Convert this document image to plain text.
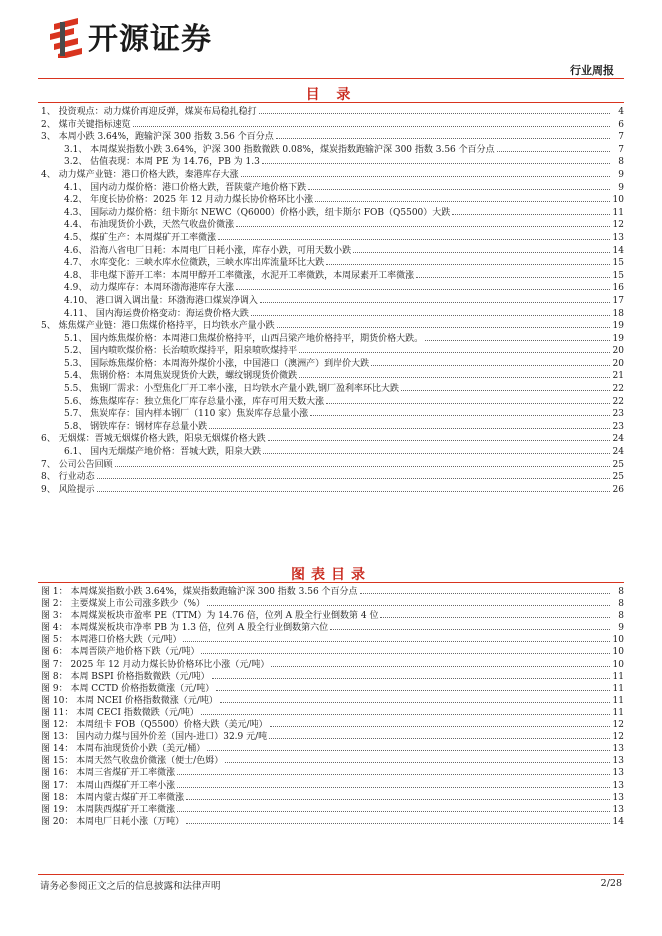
开源证券
行业周报
目 录
1、 投资观点：动力煤价再迎反弹，煤炭布局稳扎稳打	4
2、 煤市关键指标速览	6
3、 本周小跌 3.64%，跑输沪深 300 指数 3.56 个百分点	7
3.1、 本周煤炭指数小跌 3.64%，沪深 300 指数微跌 0.08%，煤炭指数跑输沪深 300 指数 3.56 个百分点	7
3.2、 估值表现：本周 PE 为 14.76，PB 为 1.3	8
4、 动力煤产业链：港口价格大跌，秦港库存大涨	9
4.1、 国内动力煤价格：港口价格大跌，晋陕蒙产地价格下跌	9
4.2、 年度长协价格：2025 年 12 月动力煤长协价格环比小涨	10
4.3、 国际动力煤价格：纽卡斯尔 NEWC（Q6000）价格小跌，纽卡斯尔 FOB（Q5500）大跌	11
4.4、 布油现货价小跌，天然气收盘价微涨	12
4.5、 煤矿生产：本周煤矿开工率微涨	13
4.6、 沿海八省电厂日耗：本周电厂日耗小涨，库存小跌，可用天数小跌	14
4.7、 水库变化：三峡水库水位微跌，三峡水库出库流量环比大跌	15
4.8、 非电煤下游开工率：本周甲醇开工率微涨，水泥开工率微跌，本周尿素开工率微涨	15
4.9、 动力煤库存：本周环渤海港库存大涨	16
4.10、 港口调入调出量：环渤海港口煤炭净调入	17
4.11、 国内海运费价格变动：海运费价格大跌	18
5、 炼焦煤产业链：港口焦煤价格持平，日均铁水产量小跌	19
5.1、 国内炼焦煤价格：本周港口焦煤价格持平，山西吕梁产地价格持平，期货价格大跌。	19
5.2、 国内喷吹煤价格：长治喷吹煤持平，阳泉喷吹煤持平	20
5.3、 国际炼焦煤价格：本周海外煤价小涨，中国港口（澳洲产）到岸价大跌	20
5.4、 焦钢价格：本周焦炭现货价大跌，螺纹钢现货价微跌	21
5.5、 焦钢厂需求：小型焦化厂开工率小涨，日均铁水产量小跌,钢厂盈利率环比大跌	22
5.6、 炼焦煤库存：独立焦化厂库存总量小涨，库存可用天数大涨	22
5.7、 焦炭库存：国内样本钢厂（110 家）焦炭库存总量小涨	23
5.8、 钢铁库存：钢材库存总量小跌	23
6、 无烟煤：晋城无烟煤价格大跌，阳泉无烟煤价格大跌	24
6.1、 国内无烟煤产地价格：晋城大跌，阳泉大跌	24
7、 公司公告回顾	25
8、 行业动态	25
9、 风险提示	26
图表目录
图 1： 本周煤炭指数小跌 3.64%，煤炭指数跑输沪深 300 指数 3.56 个百分点	8
图 2： 主要煤炭上市公司涨多跌少（%）	8
图 3： 本周煤炭板块市盈率 PE（TTM）为 14.76 倍，位列 A 股全行业倒数第 4 位	8
图 4： 本周煤炭板块市净率 PB 为 1.3 倍，位列 A 股全行业倒数第六位	9
图 5： 本周港口价格大跌（元/吨）	10
图 6： 本周晋陕产地价格下跌（元/吨）	10
图 7： 2025 年 12 月动力煤长协价格环比小涨（元/吨）	10
图 8： 本周 BSPI 价格指数微跌（元/吨）	11
图 9： 本周 CCTD 价格指数微涨（元/吨）	11
图 10： 本周 NCEI 价格指数微涨（元/吨）	11
图 11： 本周 CECI 指数微跌（元/吨）	11
图 12： 本周纽卡 FOB（Q5500）价格大跌（美元/吨）	12
图 13： 国内动力煤与国外价差（国内-进口）32.9 元/吨	12
图 14： 本周布油现货价小跌（美元/桶）	13
图 15： 本周天然气收盘价微涨（便士/色姆）	13
图 16： 本周三省煤矿开工率微涨	13
图 17： 本周山西煤矿开工率小涨	13
图 18： 本周内蒙古煤矿开工率微涨	13
图 19： 本周陕西煤矿开工率微涨	13
图 20： 本周电厂日耗小涨（万吨）	14
请务必参阅正文之后的信息披露和法律声明	2/28
